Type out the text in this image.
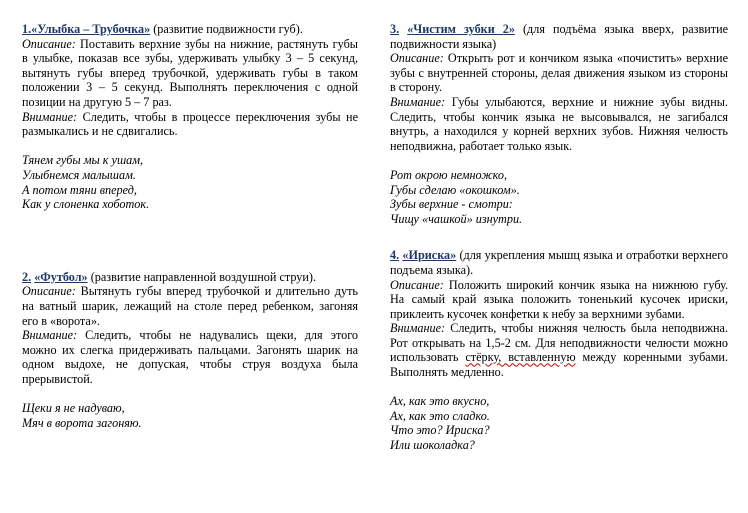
1.«Улыбка – Трубочка» (развитие подвижности губ).

Описание: Поставить верхние зубы на нижние, растянуть губы в улыбке, показав все зубы, удерживать улыбку 3 – 5 секунд, вытянуть губы вперед трубочкой, удерживать губы в таком положении 3 – 5 секунд. Выполнять переключения с одной позиции на другую 5 – 7 раз.

Внимание: Следить, чтобы в процессе переключения зубы не размыкались и не сдвигались.

Тянем губы мы к ушам,
Улыбнемся малышам.
А потом тяни вперед,
Как у слоненка хоботок.

2. «Футбол» (развитие направленной воздушной струи).

Описание: Вытянуть губы вперед трубочкой и длительно дуть на ватный шарик, лежащий на столе перед ребенком, загоняя его в «ворота».

Внимание: Следить, чтобы не надувались щеки, для этого можно их слегка придерживать пальцами. Загонять шарик на одном выдохе, не допуская, чтобы струя воздуха была прерывистой.

Щеки я не надуваю,
Мяч в ворота загоняю.

3. «Чистим зубки 2» (для подъёма языка вверх, развитие подвижности языка)

Описание: Открыть рот и кончиком языка «почистить» верхние зубы с внутренней стороны, делая движения языком из стороны в сторону.

Внимание: Губы улыбаются, верхние и нижние зубы видны. Следить, чтобы кончик языка не высовывался, не загибался внутрь, а находился у корней верхних зубов. Нижняя челюсть неподвижна, работает только язык.

Рот окрою немножко,
Губы сделаю «окошком».
Зубы верхние - смотри:
Чищу «чашкой» изнутри.

4. «Ириска» (для укрепления мышц языка и отработки верхнего подъема языка).

Описание: Положить широкий кончик языка на нижнюю губу. На самый край языка положить тоненький кусочек ириски, приклеить кусочек конфетки к небу за верхними зубами.

Внимание: Следить, чтобы нижняя челюсть была неподвижна. Рот открывать на 1,5-2 см. Для неподвижности челюсти можно использовать стёрку, вставленную между коренными зубами. Выполнять медленно.

Ах, как это вкусно,
Ах, как это сладко.
Что это? Ириска?
Или шоколадка?
